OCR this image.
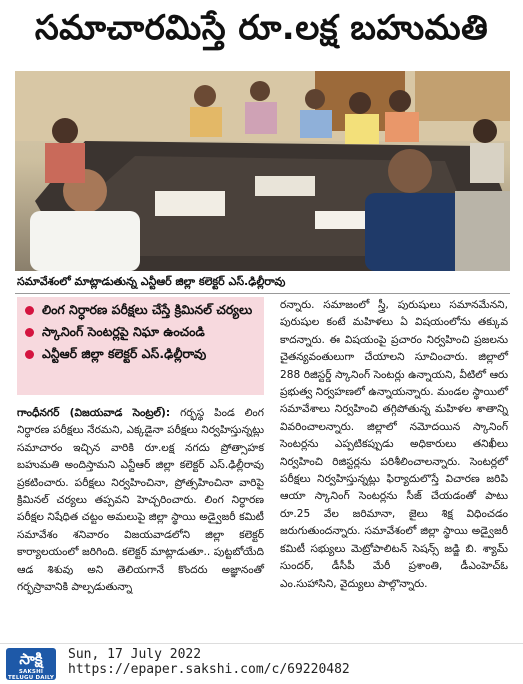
సమాచారమిస్తే రూ.లక్ష బహుమతి
సమావేశంలో మాట్లాడుతున్న ఎన్టీఆర్ జిల్లా కలెక్టర్ ఎస్.ఢిల్లీరావు
లింగ నిర్ధారణ పరీక్షలు చేస్తే క్రిమినల్ చర్యలు
స్కానింగ్ సెంటర్లపై నిఘా ఉంచండి
ఎన్టీఆర్ జిల్లా కలెక్టర్ ఎస్.ఢిల్లీరావు

గాంధీనగర్ (విజయవాడ సెంట్రల్): గర్భస్థ పిండ లింగ నిర్ధారణ పరీక్షలు నేరమని, ఎక్కడైనా పరీక్షలు నిర్వహిస్తున్నట్లు సమాచారం ఇచ్చిన వారికి రూ.లక్ష నగదు ప్రోత్సాహక బహుమతి అందిస్తామని ఎన్టీఆర్ జిల్లా కలెక్టర్ ఎస్.ఢిల్లీరావు ప్రకటించారు. పరీక్షలు నిర్వహించినా, ప్రోత్సహించినా వారిపై క్రిమినల్ చర్యలు తప్పవని హెచ్చరించారు. లింగ నిర్ధారణ పరీక్షల నిషేధిత చట్టం అమలుపై జిల్లా స్థాయి అడ్వైజరీ కమిటీ సమావేశం శనివారం విజయవాడలోని జిల్లా కలెక్టర్ కార్యాలయంలో జరిగింది. కలెక్టర్ మాట్లాడుతూ.. పుట్టబోయేది ఆడ శిశువు అని తెలియగానే కొందరు అజ్ఞానంతో గర్భస్రావానికి పాల్పడుతున్నా

రన్నారు. సమాజంలో స్త్రీ, పురుషులు సమానమేనని, పురుషుల కంటే మహిళలు ఏ విషయంలోను తక్కువ కాదన్నారు. ఈ విషయంపై ప్రచారం నిర్వహించి ప్రజలను చైతన్యవంతులుగా చేయాలని సూచించారు. జిల్లాలో 288 రిజిస్టర్డ్ స్కానింగ్ సెంటర్లు ఉన్నాయని, వీటిలో ఆరు ప్రభుత్వ నిర్వహణలో ఉన్నాయన్నారు. మండల స్థాయిలో సమావేశాలు నిర్వహించి తగ్గిపోతున్న మహిళల శాతాన్ని వివరించాలన్నారు. జిల్లాలో నమోదయిన స్కానింగ్ సెంటర్లను ఎప్పటికప్పుడు అధికారులు తనిఖీలు నిర్వహించి రిజిస్టర్లను పరిశీలించాలన్నారు. సెంటర్లలో పరీక్షలు నిర్వహిస్తున్నట్లు ఫిర్యాదులొస్తే విచారణ జరిపి ఆయా స్కానింగ్ సెంటర్లను సీజ్ చేయడంతో పాటు రూ.25 వేల జరిమానా, జైలు శిక్ష విధించడం జరుగుతుందన్నారు. సమావేశంలో జిల్లా స్థాయి అడ్వైజరీ కమిటీ సభ్యులు మెట్రోపాలిటన్ సెషన్స్ జడ్జి బి. శ్యామ్ సుందర్, డీసీపీ మేరీ ప్రశాంతి, డీఎంహెచ్ఓ ఎం.సుహాసిని, వైద్యులు పాల్గొన్నారు.

సాక్షి
SAKSHI TELUGU DAILY
Sun, 17 July 2022
https://epaper.sakshi.com/c/69220482
